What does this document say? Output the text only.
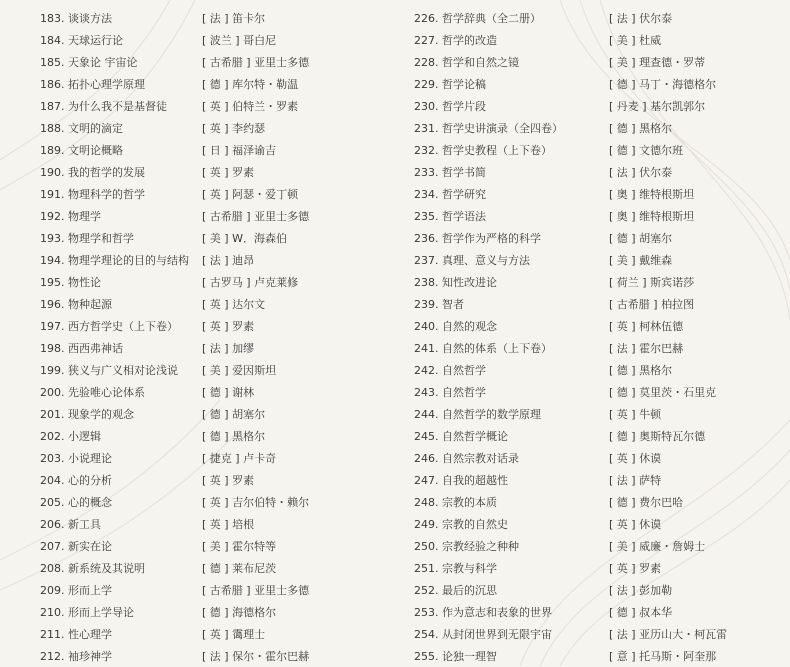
183. 谈谈方法	[ 法 ] 笛卡尔
184. 天球运行论	[ 波兰 ] 哥白尼
185. 天象论 宇宙论	[ 古希腊 ] 亚里士多德
186. 拓扑心理学原理	[ 德 ] 库尔特・勒温
187. 为什么我不是基督徒	[ 英 ] 伯特兰・罗素
188. 文明的滴定	[ 英 ] 李约瑟
189. 文明论概略	[ 日 ] 福泽谕吉
190. 我的哲学的发展	[ 英 ] 罗素
191. 物理科学的哲学	[ 英 ] 阿瑟・爱丁顿
192. 物理学	[ 古希腊 ] 亚里士多德
193. 物理学和哲学	[ 美 ] W．海森伯
194. 物理学理论的目的与结构	[ 法 ] 迪昂
195. 物性论	[ 古罗马 ] 卢克莱修
196. 物种起源	[ 英 ] 达尔文
197. 西方哲学史（上下卷）	[ 英 ] 罗素
198. 西西弗神话	[ 法 ] 加缪
199. 狭义与广义相对论浅说	[ 美 ] 爱因斯坦
200. 先验唯心论体系	[ 德 ] 谢林
201. 现象学的观念	[ 德 ] 胡塞尔
202. 小逻辑	[ 德 ] 黑格尔
203. 小说理论	[ 捷克 ] 卢卡奇
204. 心的分析	[ 英 ] 罗素
205. 心的概念	[ 英 ] 吉尔伯特・赖尔
206. 新工具	[ 英 ] 培根
207. 新实在论	[ 美 ] 霍尔特等
208. 新系统及其说明	[ 德 ] 莱布尼茨
209. 形而上学	[ 古希腊 ] 亚里士多德
210. 形而上学导论	[ 德 ] 海德格尔
211. 性心理学	[ 英 ] 霭理士
212. 袖珍神学	[ 法 ] 保尔・霍尔巴赫
226. 哲学辞典（全二册）	[ 法 ] 伏尔泰
227. 哲学的改造	[ 美 ] 杜威
228. 哲学和自然之镜	[ 美 ] 理查德・罗蒂
229. 哲学论稿	[ 德 ] 马丁・海德格尔
230. 哲学片段	[ 丹麦 ] 基尔凯郭尔
231. 哲学史讲演录（全四卷）	[ 德 ] 黑格尔
232. 哲学史教程（上下卷）	[ 德 ] 文德尔班
233. 哲学书简	[ 法 ] 伏尔泰
234. 哲学研究	[ 奥 ] 维特根斯坦
235. 哲学语法	[ 奥 ] 维特根斯坦
236. 哲学作为严格的科学	[ 德 ] 胡塞尔
237. 真理、意义与方法	[ 美 ] 戴维森
238. 知性改进论	[ 荷兰 ] 斯宾诺莎
239. 智者	[ 古希腊 ] 柏拉图
240. 自然的观念	[ 英 ] 柯林伍德
241. 自然的体系（上下卷）	[ 法 ] 霍尔巴赫
242. 自然哲学	[ 德 ] 黑格尔
243. 自然哲学	[ 德 ] 莫里茨・石里克
244. 自然哲学的数学原理	[ 英 ] 牛顿
245. 自然哲学概论	[ 德 ] 奥斯特瓦尔德
246. 自然宗教对话录	[ 英 ] 休谟
247. 自我的超越性	[ 法 ] 萨特
248. 宗教的本质	[ 德 ] 费尔巴哈
249. 宗教的自然史	[ 英 ] 休谟
250. 宗教经验之种种	[ 美 ] 威廉・詹姆士
251. 宗教与科学	[ 英 ] 罗素
252. 最后的沉思	[ 法 ] 彭加勒
253. 作为意志和表象的世界	[ 德 ] 叔本华
254. 从封闭世界到无限宇宙	[ 法 ] 亚历山大・柯瓦雷
255. 论独一理智	[ 意 ] 托马斯・阿奎那
